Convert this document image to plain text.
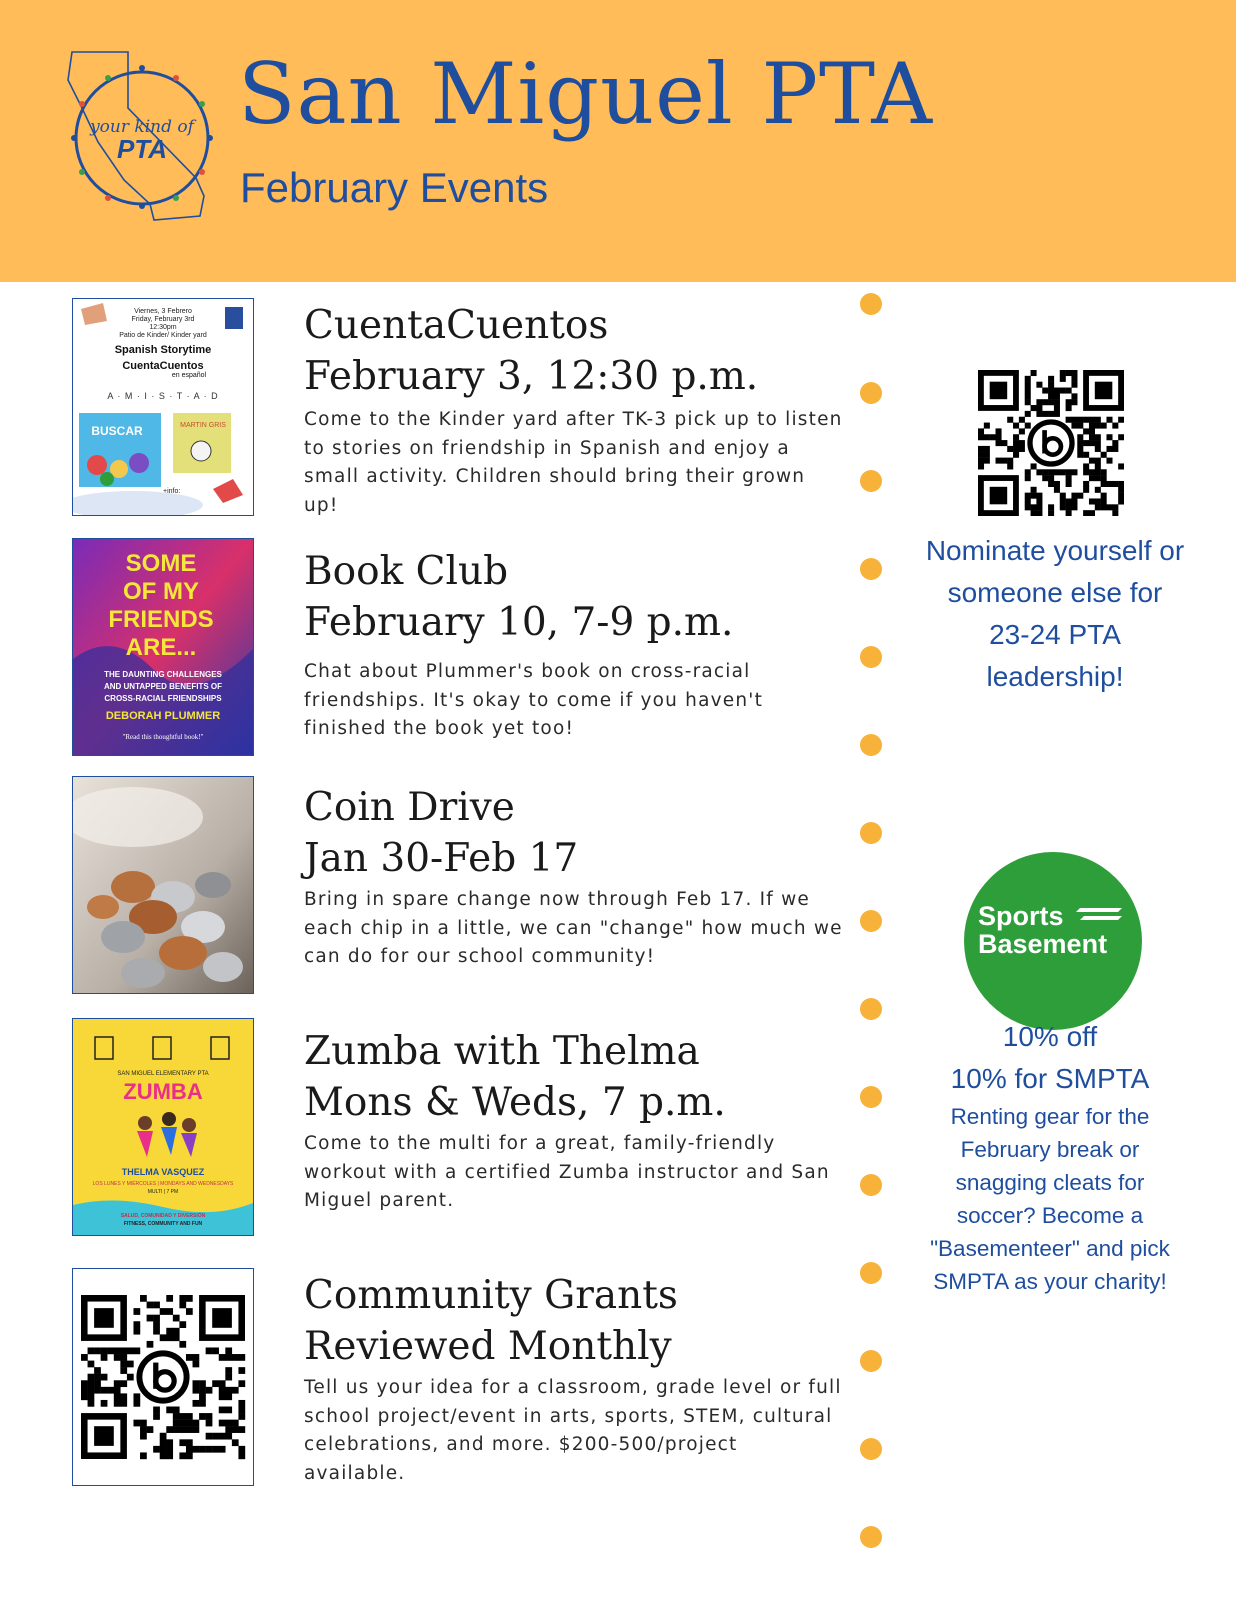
your kind of
PTA
San Miguel PTA
February Events
Viernes, 3 Febrero
Friday, February 3rd
12:30pm
Patio de Kinder/ Kinder yard
Spanish Storytime
CuentaCuentos
en español
A · M · I · S · T · A · D
BUSCAR	MARTIN GRIS
+info:
CuentaCuentos
February 3, 12:30 p.m.

Come to the Kinder yard after TK-3 pick up to listen to stories on friendship in Spanish and enjoy a small activity. Children should bring their grown up!

SOME
OF MY
FRIENDS
ARE...
THE DAUNTING CHALLENGES
AND UNTAPPED BENEFITS OF
CROSS-RACIAL FRIENDSHIPS
DEBORAH PLUMMER
"Read this thoughtful book!"
Book Club
February 10, 7-9 p.m.

Chat about Plummer's book on cross-racial friendships. It's okay to come if you haven't finished the book yet too!

Coin Drive
Jan 30-Feb 17

Bring in spare change now through Feb 17. If we each chip in a little, we can "change" how much we can do for our school community!

SAN MIGUEL ELEMENTARY PTA
ZUMBA
THELMA VASQUEZ
LOS LUNES Y MIÉRCOLES | MONDAYS AND WEDNESDAYS
MULTI | 7 PM
SALUD, COMUNIDAD Y DIVERSIÓN
FITNESS, COMMUNITY AND FUN
Zumba with Thelma
Mons & Weds, 7 p.m.

Come to the multi for a great, family-friendly workout with a certified Zumba instructor and San Miguel parent.

Community Grants
Reviewed Monthly

Tell us your idea for a classroom, grade level or full school project/event in arts, sports, STEM, cultural celebrations, and more. $200-500/project available.

Nominate yourself or
someone else for
23-24 PTA
leadership!
Sports
Basement
10% off
10% for SMPTA
Renting gear for the
February break or
snagging cleats for
soccer? Become a
"Basementeer" and pick
SMPTA as your charity!
